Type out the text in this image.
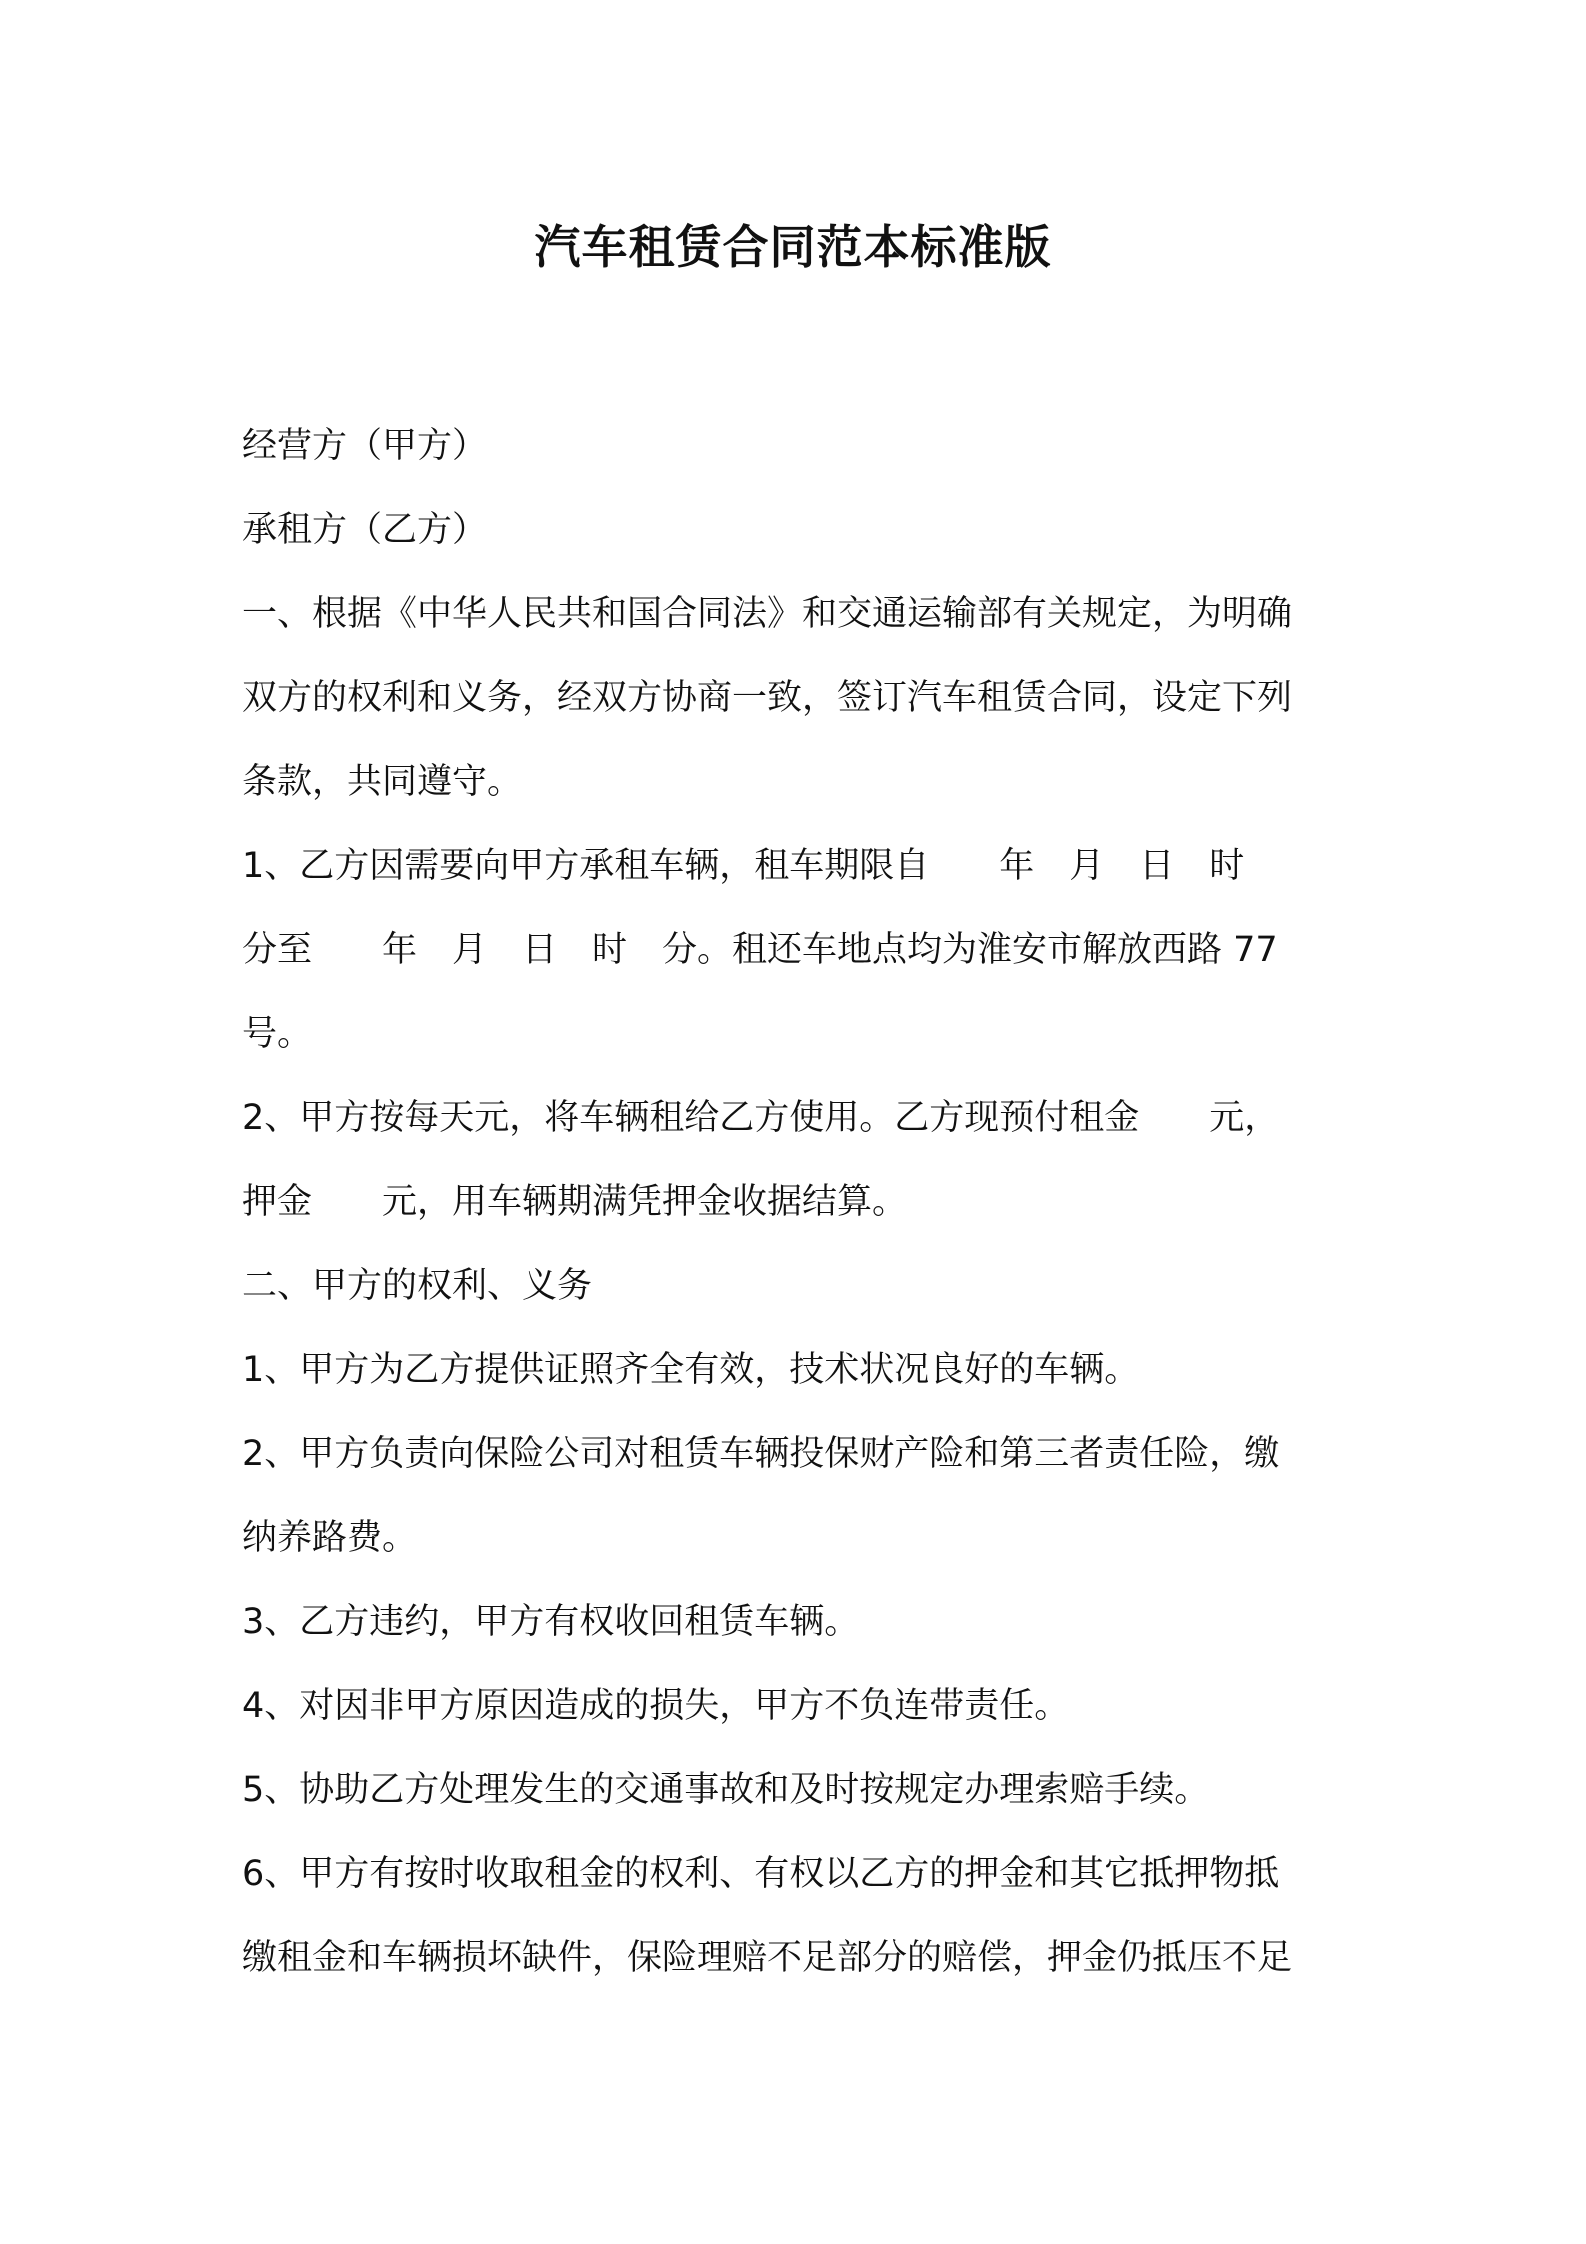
汽车租赁合同范本标准版

经营方（甲方）

承租方（乙方）

一、根据《中华人民共和国合同法》和交通运输部有关规定，为明确

双方的权利和义务，经双方协商一致，签订汽车租赁合同，设定下列

条款，共同遵守。

1、乙方因需要向甲方承租车辆，租车期限自　　年　月　日　时

分至　　年　月　日　时　分。租还车地点均为淮安市解放西路 77

号。

2、甲方按每天元，将车辆租给乙方使用。乙方现预付租金　　元，

押金　　元，用车辆期满凭押金收据结算。

二、甲方的权利、义务

1、甲方为乙方提供证照齐全有效，技术状况良好的车辆。

2、甲方负责向保险公司对租赁车辆投保财产险和第三者责任险，缴

纳养路费。

3、乙方违约，甲方有权收回租赁车辆。

4、对因非甲方原因造成的损失，甲方不负连带责任。

5、协助乙方处理发生的交通事故和及时按规定办理索赔手续。

6、甲方有按时收取租金的权利、有权以乙方的押金和其它抵押物抵

缴租金和车辆损坏缺件，保险理赔不足部分的赔偿，押金仍抵压不足
